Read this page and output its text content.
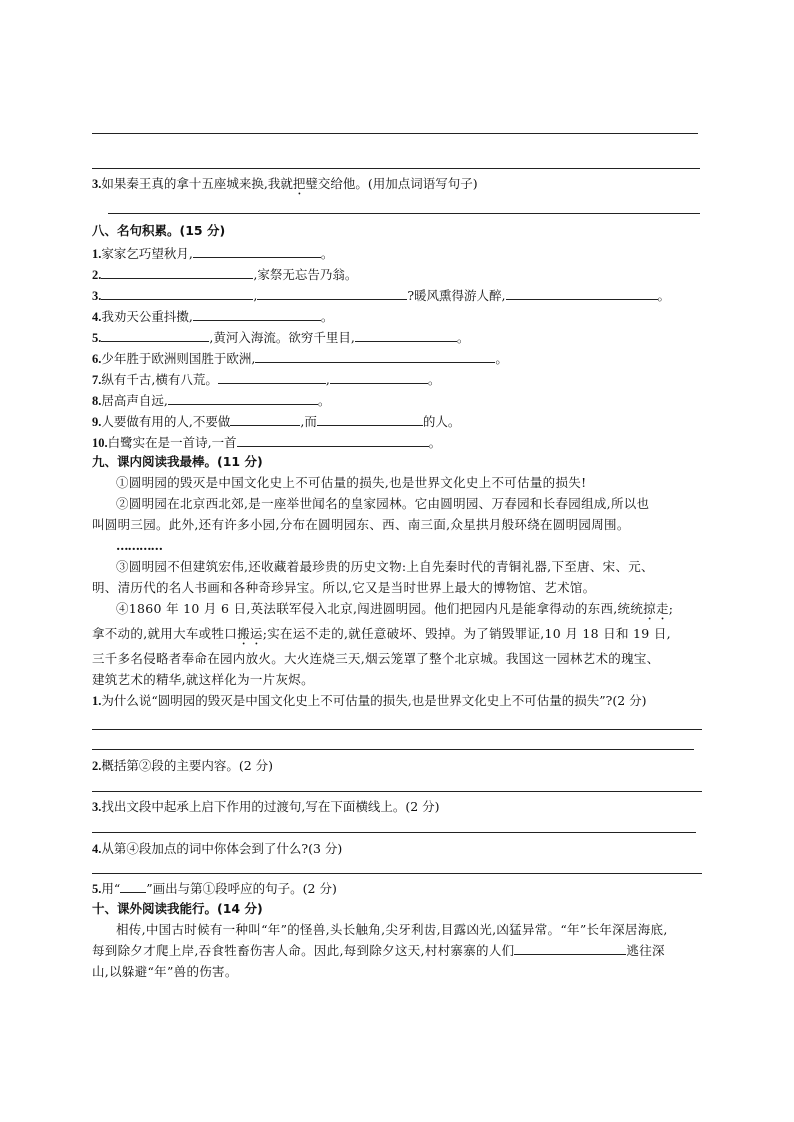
3.如果秦王真的拿十五座城来换,我就把璧交给他。(用加点词语写句子)
八、名句积累。(15 分)
1.家家乞巧望秋月,	。
2.	,家祭无忘告乃翁。
3.	,	?暖风熏得游人醉,	。
4.我劝天公重抖擞,	。
5.	,黄河入海流。欲穷千里目,	。
6.少年胜于欧洲则国胜于欧洲,	。
7.纵有千古,横有八荒。	,	。
8.居高声自远,	。
9.人要做有用的人,不要做	,而	的人。
10.白鹭实在是一首诗,一首	。
九、课内阅读我最棒。(11 分)
①圆明园的毁灭是中国文化史上不可估量的损失,也是世界文化史上不可估量的损失!
②圆明园在北京西北郊,是一座举世闻名的皇家园林。它由圆明园、万春园和长春园组成,所以也
叫圆明三园。此外,还有许多小园,分布在圆明园东、西、南三面,众星拱月般环绕在圆明园周围。
…………
③圆明园不但建筑宏伟,还收藏着最珍贵的历史文物:上自先秦时代的青铜礼器,下至唐、宋、元、
明、清历代的名人书画和各种奇珍异宝。所以,它又是当时世界上最大的博物馆、艺术馆。
④1860 年 10 月 6 日,英法联军侵入北京,闯进圆明园。他们把园内凡是能拿得动的东西,统统掠走;
拿不动的,就用大车或牲口搬运;实在运不走的,就任意破坏、毁掉。为了销毁罪证,10 月 18 日和 19 日,
三千多名侵略者奉命在园内放火。大火连烧三天,烟云笼罩了整个北京城。我国这一园林艺术的瑰宝、
建筑艺术的精华,就这样化为一片灰烬。
1.为什么说“圆明园的毁灭是中国文化史上不可估量的损失,也是世界文化史上不可估量的损失”?(2 分)
2.概括第②段的主要内容。(2 分)
3.找出文段中起承上启下作用的过渡句,写在下面横线上。(2 分)
4.从第④段加点的词中你体会到了什么?(3 分)
5.用“ ”画出与第①段呼应的句子。(2 分)
十、课外阅读我能行。(14 分)
相传,中国古时候有一种叫“年”的怪兽,头长触角,尖牙利齿,目露凶光,凶猛异常。“年”长年深居海底,
每到除夕才爬上岸,吞食牲畜伤害人命。因此,每到除夕这天,村村寨寨的人们	逃往深
山,以躲避“年”兽的伤害。
